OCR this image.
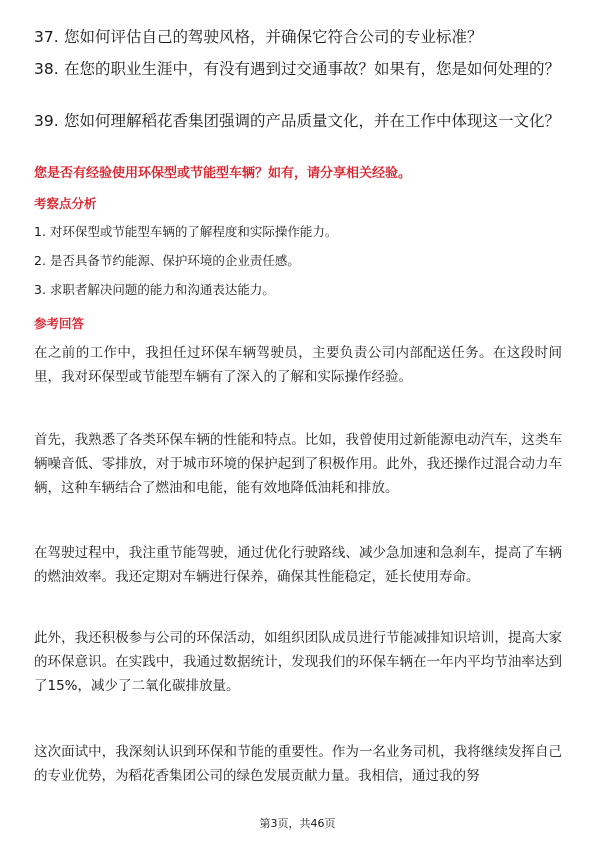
37. 您如何评估自己的驾驶风格，并确保它符合公司的专业标准？
38. 在您的职业生涯中，有没有遇到过交通事故？如果有，您是如何处理的？
39. 您如何理解稻花香集团强调的产品质量文化，并在工作中体现这一文化？
您是否有经验使用环保型或节能型车辆？如有，请分享相关经验。
考察点分析
1. 对环保型或节能型车辆的了解程度和实际操作能力。
2. 是否具备节约能源、保护环境的企业责任感。
3. 求职者解决问题的能力和沟通表达能力。
参考回答
在之前的工作中，我担任过环保车辆驾驶员，主要负责公司内部配送任务。在这段时间里，我对环保型或节能型车辆有了深入的了解和实际操作经验。
首先，我熟悉了各类环保车辆的性能和特点。比如，我曾使用过新能源电动汽车，这类车辆噪音低、零排放，对于城市环境的保护起到了积极作用。此外，我还操作过混合动力车辆，这种车辆结合了燃油和电能，能有效地降低油耗和排放。
在驾驶过程中，我注重节能驾驶，通过优化行驶路线、减少急加速和急刹车，提高了车辆的燃油效率。我还定期对车辆进行保养，确保其性能稳定，延长使用寿命。
此外，我还积极参与公司的环保活动，如组织团队成员进行节能减排知识培训，提高大家的环保意识。在实践中，我通过数据统计，发现我们的环保车辆在一年内平均节油率达到了15%，减少了二氧化碳排放量。
这次面试中，我深刻认识到环保和节能的重要性。作为一名业务司机，我将继续发挥自己的专业优势，为稻花香集团公司的绿色发展贡献力量。我相信，通过我的努
第3页，共46页
